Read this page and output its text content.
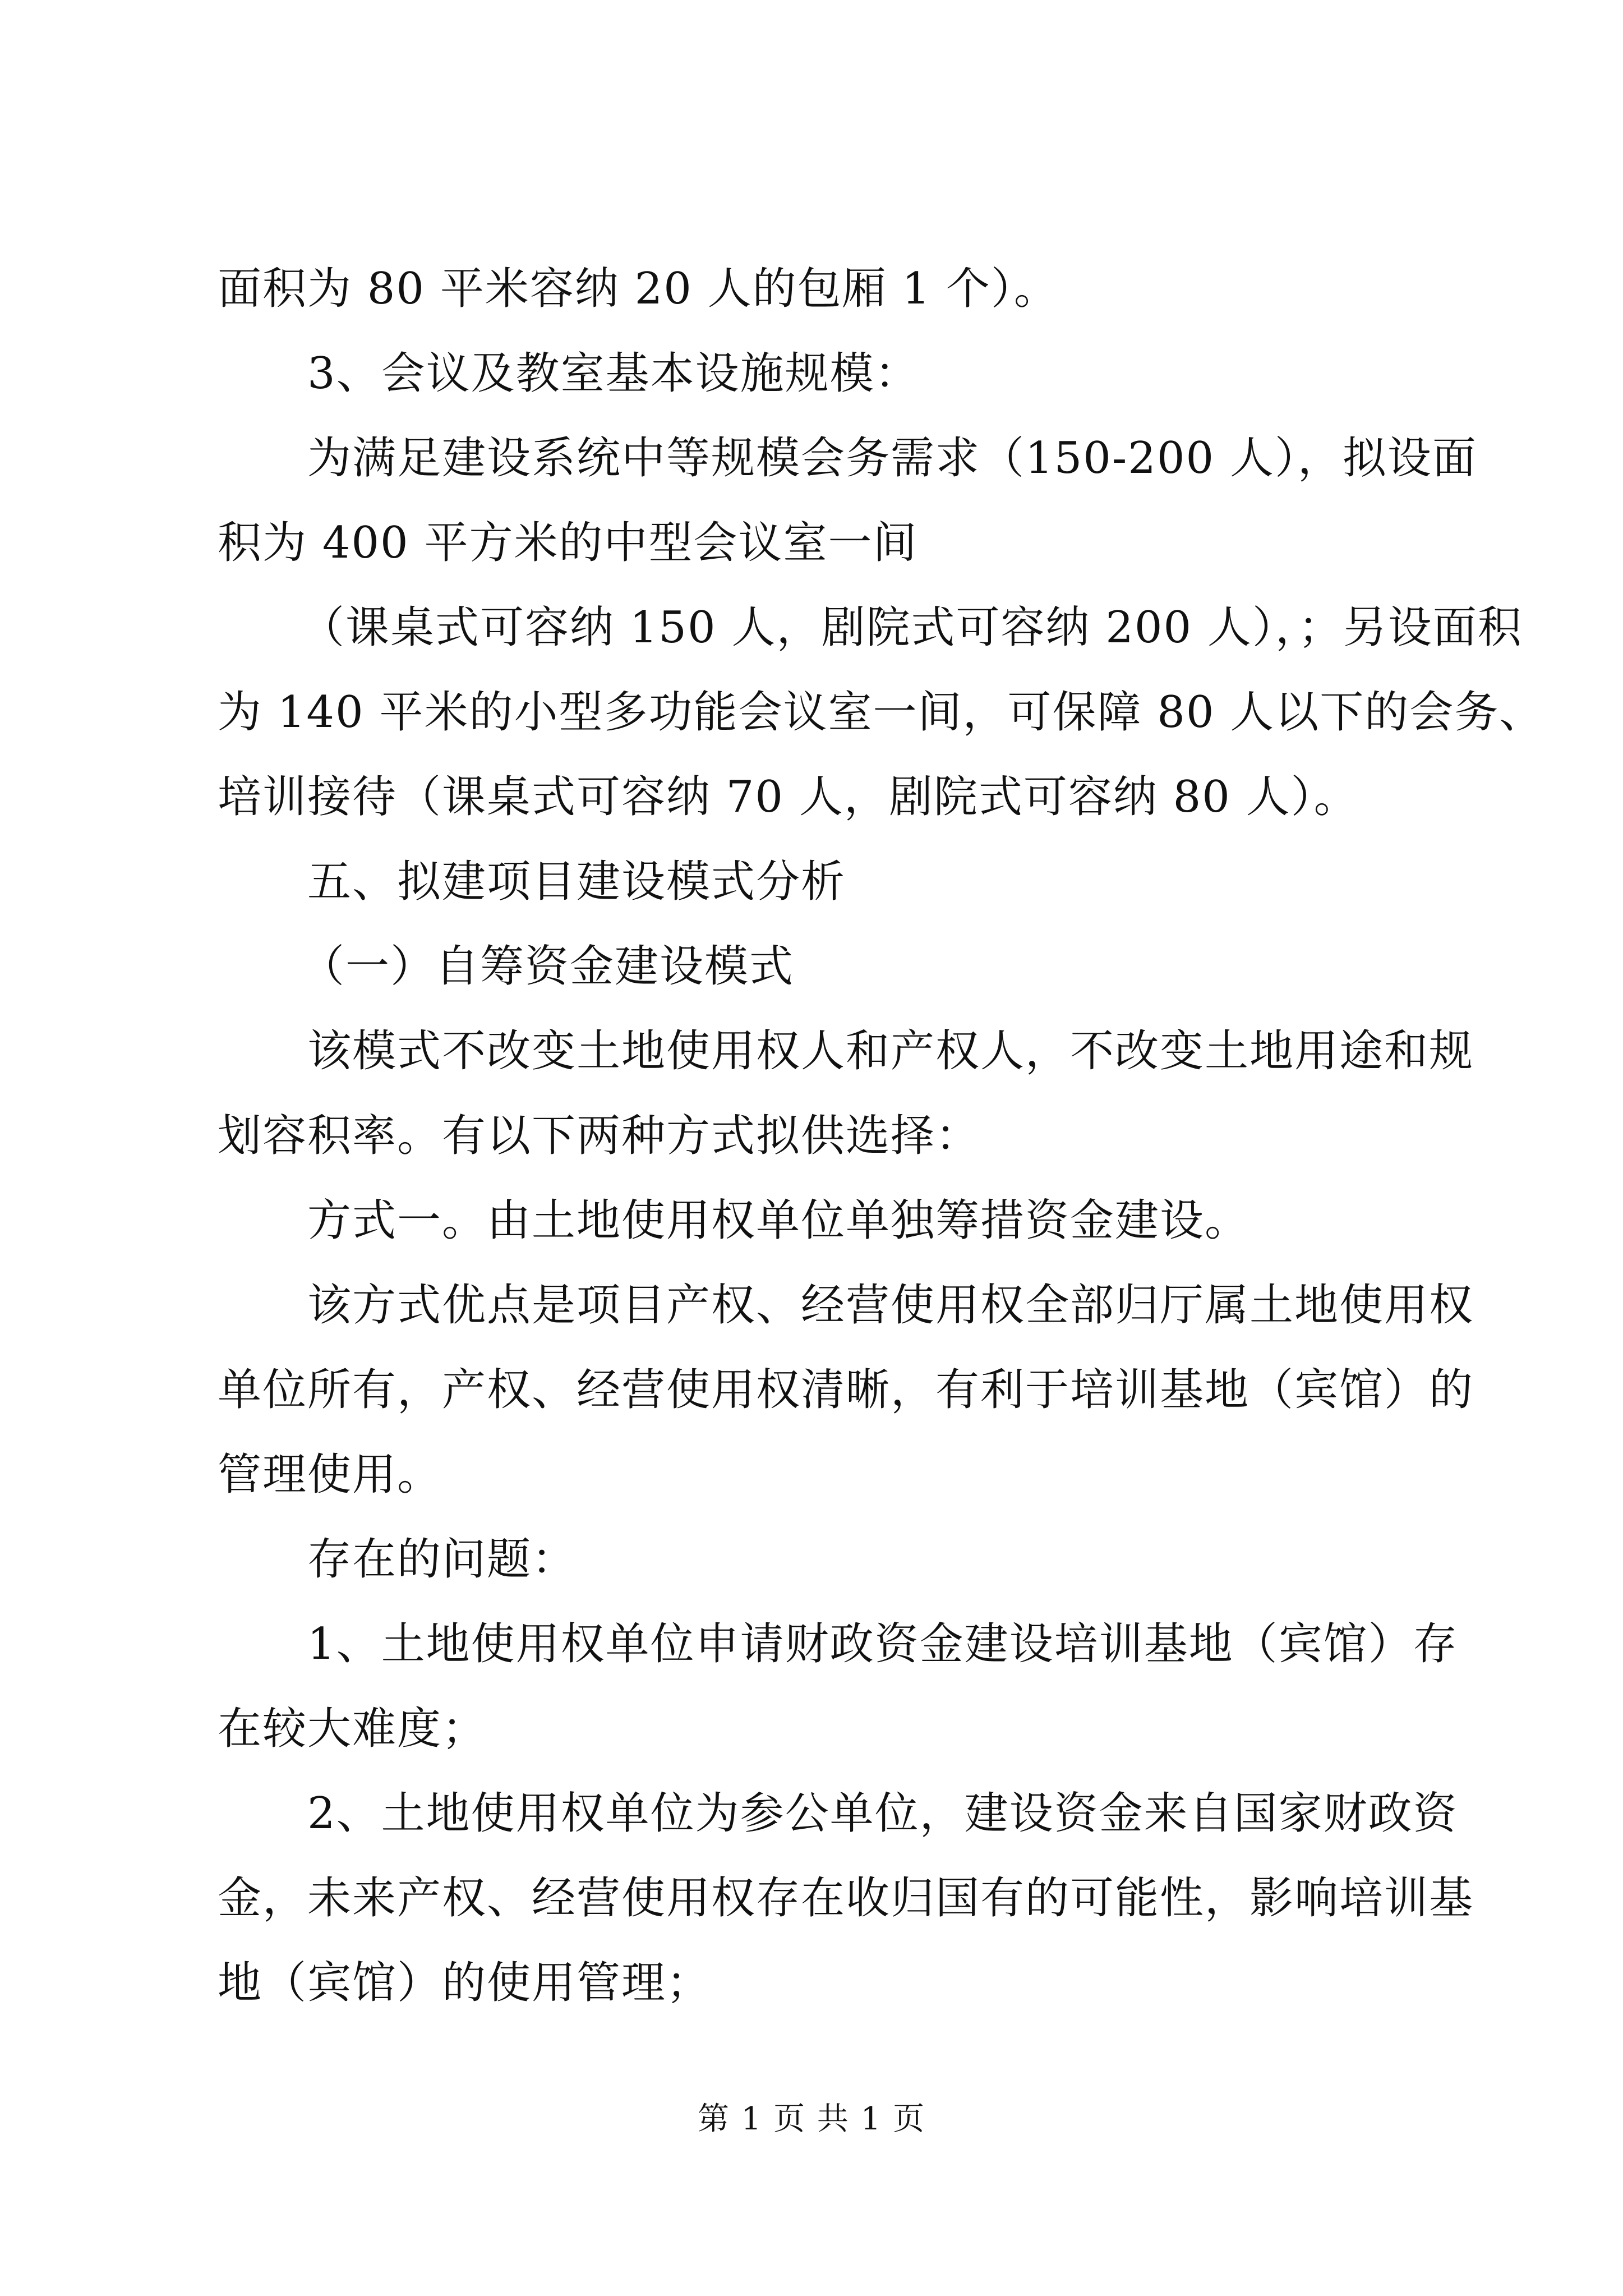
面积为 80 平米容纳 20 人的包厢 1 个）。

3、会议及教室基本设施规模：

为满足建设系统中等规模会务需求（150-200 人），拟设面

积为 400 平方米的中型会议室一间

（课桌式可容纳 150 人，剧院式可容纳 200 人），；另设面积

为 140 平米的小型多功能会议室一间，可保障 80 人以下的会务、

培训接待（课桌式可容纳 70 人，剧院式可容纳 80 人）。

五、拟建项目建设模式分析

（一）自筹资金建设模式

该模式不改变土地使用权人和产权人，不改变土地用途和规

划容积率。有以下两种方式拟供选择：

方式一。由土地使用权单位单独筹措资金建设。

该方式优点是项目产权、经营使用权全部归厅属土地使用权

单位所有，产权、经营使用权清晰，有利于培训基地（宾馆）的

管理使用。

存在的问题：

1、土地使用权单位申请财政资金建设培训基地（宾馆）存

在较大难度；

2、土地使用权单位为参公单位，建设资金来自国家财政资

金，未来产权、经营使用权存在收归国有的可能性，影响培训基

地（宾馆）的使用管理；

第 1 页 共 1 页
